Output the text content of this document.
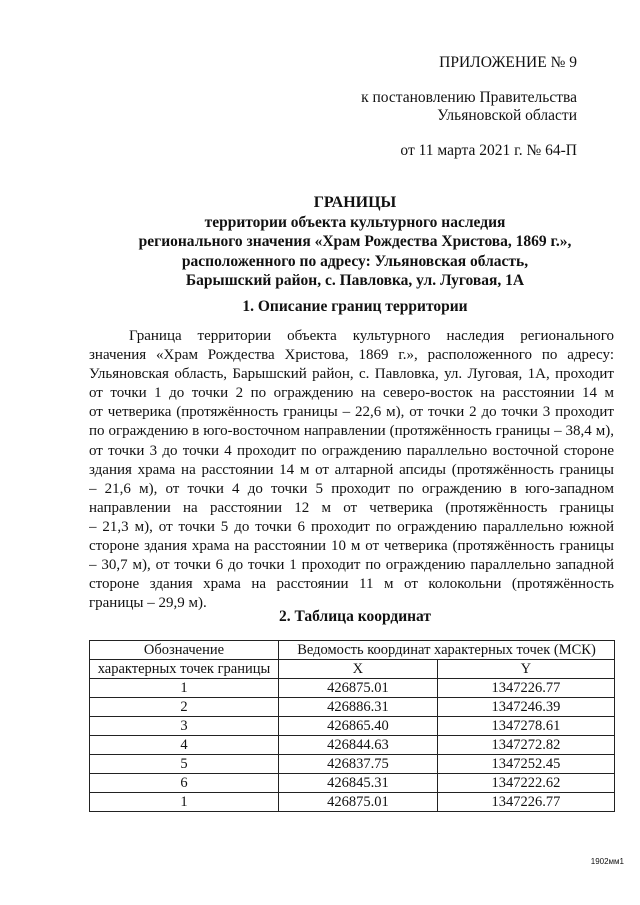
ПРИЛОЖЕНИЕ № 9
к постановлению Правительства
Ульяновской области
от 11 марта 2021 г. № 64-П
ГРАНИЦЫ
территории объекта культурного наследия
регионального значения «Храм Рождества Христова, 1869 г.»,
расположенного по адресу: Ульяновская область,
Барышский район, с. Павловка, ул. Луговая, 1А
1. Описание границ территории
Граница территории объекта культурного наследия регионального
значения «Храм Рождества Христова, 1869 г.», расположенного по адресу:
Ульяновская область, Барышский район, с. Павловка, ул. Луговая, 1А, проходит
от точки 1 до точки 2 по ограждению на северо-восток на расстоянии 14 м
от четверика (протяжённость границы – 22,6 м), от точки 2 до точки 3 проходит
по ограждению в юго-восточном направлении (протяжённость границы – 38,4 м),
от точки 3 до точки 4 проходит по ограждению параллельно восточной стороне
здания храма на расстоянии 14 м от алтарной апсиды (протяжённость границы
– 21,6 м), от точки 4 до точки 5 проходит по ограждению в юго-западном
направлении на расстоянии 12 м от четверика (протяжённость границы
– 21,3 м), от точки 5 до точки 6 проходит по ограждению параллельно южной
стороне здания храма на расстоянии 10 м от четверика (протяжённость границы
– 30,7 м), от точки 6 до точки 1 проходит по ограждению параллельно западной
стороне здания храма на расстоянии 11 м от колокольни (протяжённость
границы – 29,9 м).
2. Таблица координат
Обозначение	Ведомость координат характерных точек (МСК)	
характерных точек границы	X	Y
1	426875.01	1347226.77
2	426886.31	1347246.39
3	426865.40	1347278.61
4	426844.63	1347272.82
5	426837.75	1347252.45
6	426845.31	1347222.62
1	426875.01	1347226.77
1902мм1
